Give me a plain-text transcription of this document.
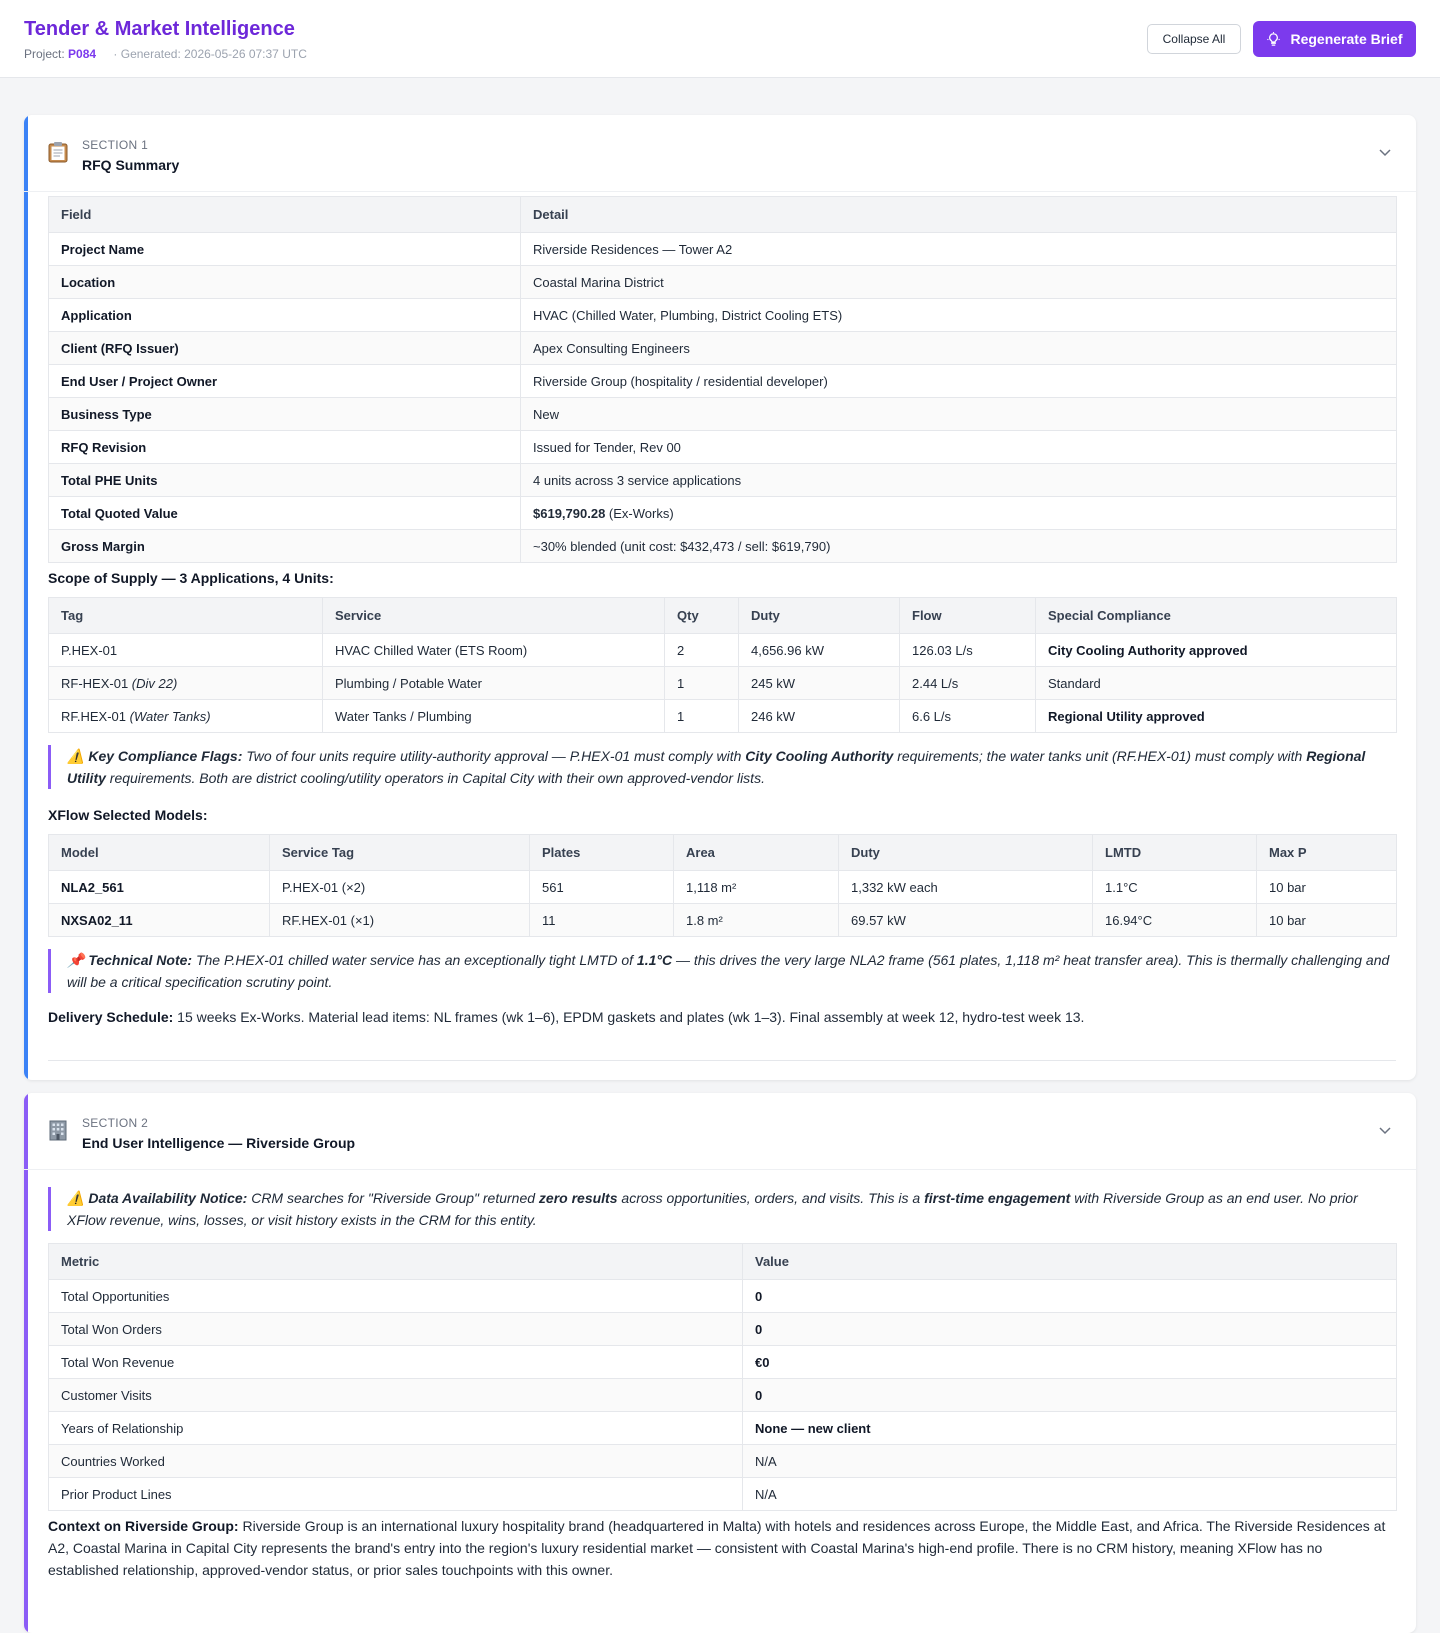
Tender & Market Intelligence
Project: P084 · Generated: 2026-05-26 07:37 UTC
Collapse All	Regenerate Brief
SECTION 1
RFQ Summary
Field	Detail
Project Name	Riverside Residences — Tower A2
Location	Coastal Marina District
Application	HVAC (Chilled Water, Plumbing, District Cooling ETS)
Client (RFQ Issuer)	Apex Consulting Engineers
End User / Project Owner	Riverside Group (hospitality / residential developer)
Business Type	New
RFQ Revision	Issued for Tender, Rev 00
Total PHE Units	4 units across 3 service applications
Total Quoted Value	$619,790.28 (Ex-Works)
Gross Margin	~30% blended (unit cost: $432,473 / sell: $619,790)
Scope of Supply — 3 Applications, 4 Units:
Tag	Service	Qty	Duty	Flow	Special Compliance
P.HEX-01	HVAC Chilled Water (ETS Room)	2	4,656.96 kW	126.03 L/s	City Cooling Authority approved
RF-HEX-01 (Div 22)	Plumbing / Potable Water	1	245 kW	2.44 L/s	Standard
RF.HEX-01 (Water Tanks)	Water Tanks / Plumbing	1	246 kW	6.6 L/s	Regional Utility approved
⚠️ Key Compliance Flags: Two of four units require utility-authority approval — P.HEX-01 must comply with City Cooling Authority requirements; the water tanks unit (RF.HEX-01) must comply with Regional Utility requirements. Both are district cooling/utility operators in Capital City with their own approved-vendor lists.
XFlow Selected Models:
Model	Service Tag	Plates	Area	Duty	LMTD	Max P
NLA2_561	P.HEX-01 (×2)	561	1,118 m²	1,332 kW each	1.1°C	10 bar
NXSA02_11	RF.HEX-01 (×1)	11	1.8 m²	69.57 kW	16.94°C	10 bar
📌 Technical Note: The P.HEX-01 chilled water service has an exceptionally tight LMTD of 1.1°C — this drives the very large NLA2 frame (561 plates, 1,118 m² heat transfer area). This is thermally challenging and will be a critical specification scrutiny point.
Delivery Schedule: 15 weeks Ex-Works. Material lead items: NL frames (wk 1–6), EPDM gaskets and plates (wk 1–3). Final assembly at week 12, hydro-test week 13.
SECTION 2
End User Intelligence — Riverside Group
⚠️ Data Availability Notice: CRM searches for "Riverside Group" returned zero results across opportunities, orders, and visits. This is a first-time engagement with Riverside Group as an end user. No prior XFlow revenue, wins, losses, or visit history exists in the CRM for this entity.
Metric	Value
Total Opportunities	0
Total Won Orders	0
Total Won Revenue	€0
Customer Visits	0
Years of Relationship	None — new client
Countries Worked	N/A
Prior Product Lines	N/A
Context on Riverside Group: Riverside Group is an international luxury hospitality brand (headquartered in Malta) with hotels and residences across Europe, the Middle East, and Africa. The Riverside Residences at A2, Coastal Marina in Capital City represents the brand's entry into the region's luxury residential market — consistent with Coastal Marina's high-end profile. There is no CRM history, meaning XFlow has no established relationship, approved-vendor status, or prior sales touchpoints with this owner.
